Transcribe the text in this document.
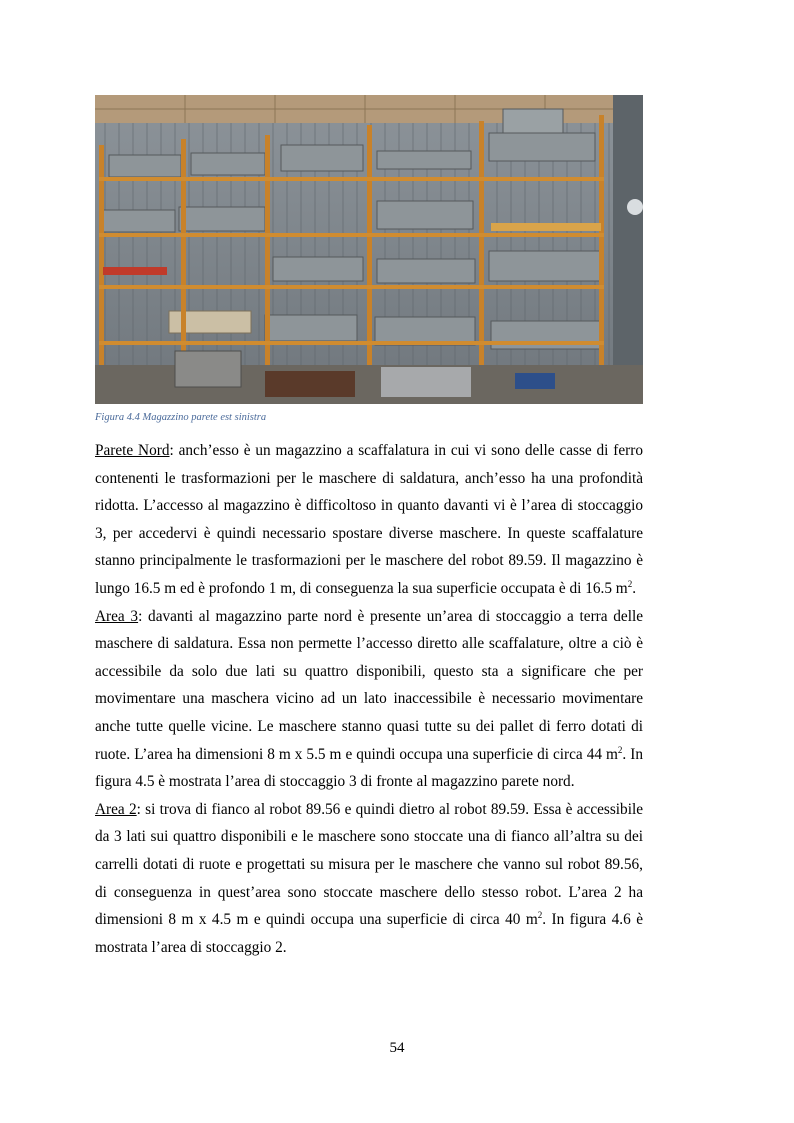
Figura 4.4 Magazzino parete est sinistra

Parete Nord: anch’esso è un magazzino a scaffalatura in cui vi sono delle casse di ferro contenenti le trasformazioni per le maschere di saldatura, anch’esso ha una profondità ridotta. L’accesso al magazzino è difficoltoso in quanto davanti vi è l’area di stoccaggio 3, per accedervi è quindi necessario spostare diverse maschere. In queste scaffalature stanno principalmente le trasformazioni per le maschere del robot 89.59. Il magazzino è lungo 16.5 m ed è profondo 1 m, di conseguenza la sua superficie occupata è di 16.5 $m^2$.

Area 3: davanti al magazzino parte nord è presente un’area di stoccaggio a terra delle maschere di saldatura. Essa non permette l’accesso diretto alle scaffalature, oltre a ciò è accessibile da solo due lati su quattro disponibili, questo sta a significare che per movimentare una maschera vicino ad un lato inaccessibile è necessario movimentare anche tutte quelle vicine. Le maschere stanno quasi tutte su dei pallet di ferro dotati di ruote. L’area ha dimensioni 8 m x 5.5 m e quindi occupa una superficie di circa 44 $m^2$. In figura 4.5 è mostrata l’area di stoccaggio 3 di fronte al magazzino parete nord.

Area 2: si trova di fianco al robot 89.56 e quindi dietro al robot 89.59. Essa è accessibile da 3 lati sui quattro disponibili e le maschere sono stoccate una di fianco all’altra su dei carrelli dotati di ruote e progettati su misura per le maschere che vanno sul robot 89.56, di conseguenza in quest’area sono stoccate maschere dello stesso robot. L’area 2 ha dimensioni 8 m x 4.5 m e quindi occupa una superficie di circa 40 $m^2$. In figura 4.6 è mostrata l’area di stoccaggio 2.

54
